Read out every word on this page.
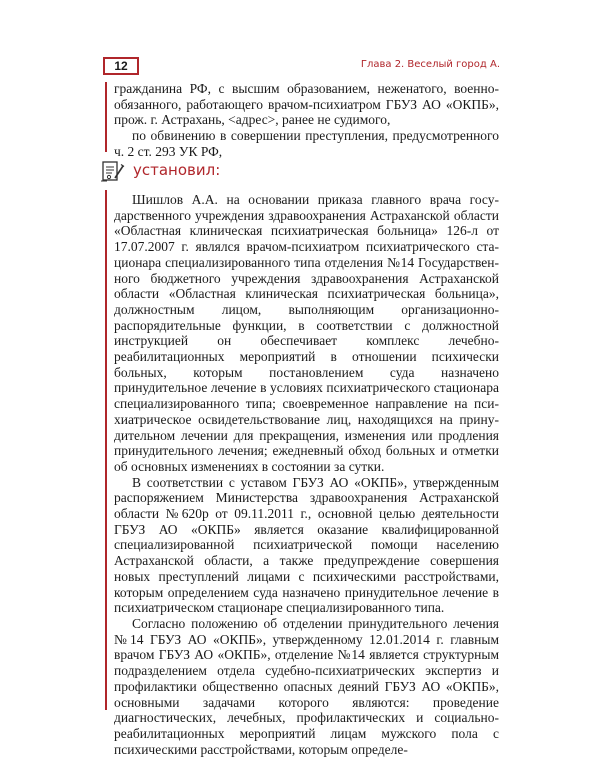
12	Глава 2. Веселый город А.

гражданина РФ, с высшим образованием, неженатого, военнообязанного, работающего врачом-психиатром ГБУЗ АО «ОКПБ», прож. г. Астрахань, <адрес>, ранее не судимого,

по обвинению в совершении преступления, предусмотренного ч. 2 ст. 293 УК РФ,

установил:

Шишлов А.А. на основании приказа главного врача государственного учреждения здравоохранения Астраханской области «Областная клиническая психиатрическая больница» 126-л от 17.07.2007 г. являлся врачом-психиатром психиатрического стационара специализированного типа отделения №14 Государственного бюджетного учреждения здравоохранения Астраханской области «Областная клиническая психиатрическая больница», должностным лицом, выполняющим организационно-распорядительные функции, в соответствии с должностной инструкцией он обеспечивает комплекс лечебно-реабилитационных мероприятий в отношении психически больных, которым постановлением суда назначено принудительное лечение в условиях психиатрического стационара специализированного типа; своевременное направление на психиатрическое освидетельствование лиц, находящихся на принудительном лечении для прекращения, изменения или продления принудительного лечения; ежедневный обход больных и отметки об основных изменениях в состоянии за сутки.

В соответствии с уставом ГБУЗ АО «ОКПБ», утвержденным распоряжением Министерства здравоохранения Астраханской области №620р от 09.11.2011 г., основной целью деятельности ГБУЗ АО «ОКПБ» является оказание квалифицированной специализированной психиатрической помощи населению Астраханской области, а также предупреждение совершения новых преступлений лицами с психическими расстройствами, которым определением суда назначено принудительное лечение в психиатрическом стационаре специализированного типа.

Согласно положению об отделении принудительного лечения №14 ГБУЗ АО «ОКПБ», утвержденному 12.01.2014 г. главным врачом ГБУЗ АО «ОКПБ», отделение №14 является структурным подразделением отдела судебно-психиатрических экспертиз и профилактики общественно опасных деяний ГБУЗ АО «ОКПБ», основными задачами которого являются: проведение диагностических, лечебных, профилактических и социально-реабилитационных мероприятий лицам мужского пола с психическими расстройствами, которым определе-
